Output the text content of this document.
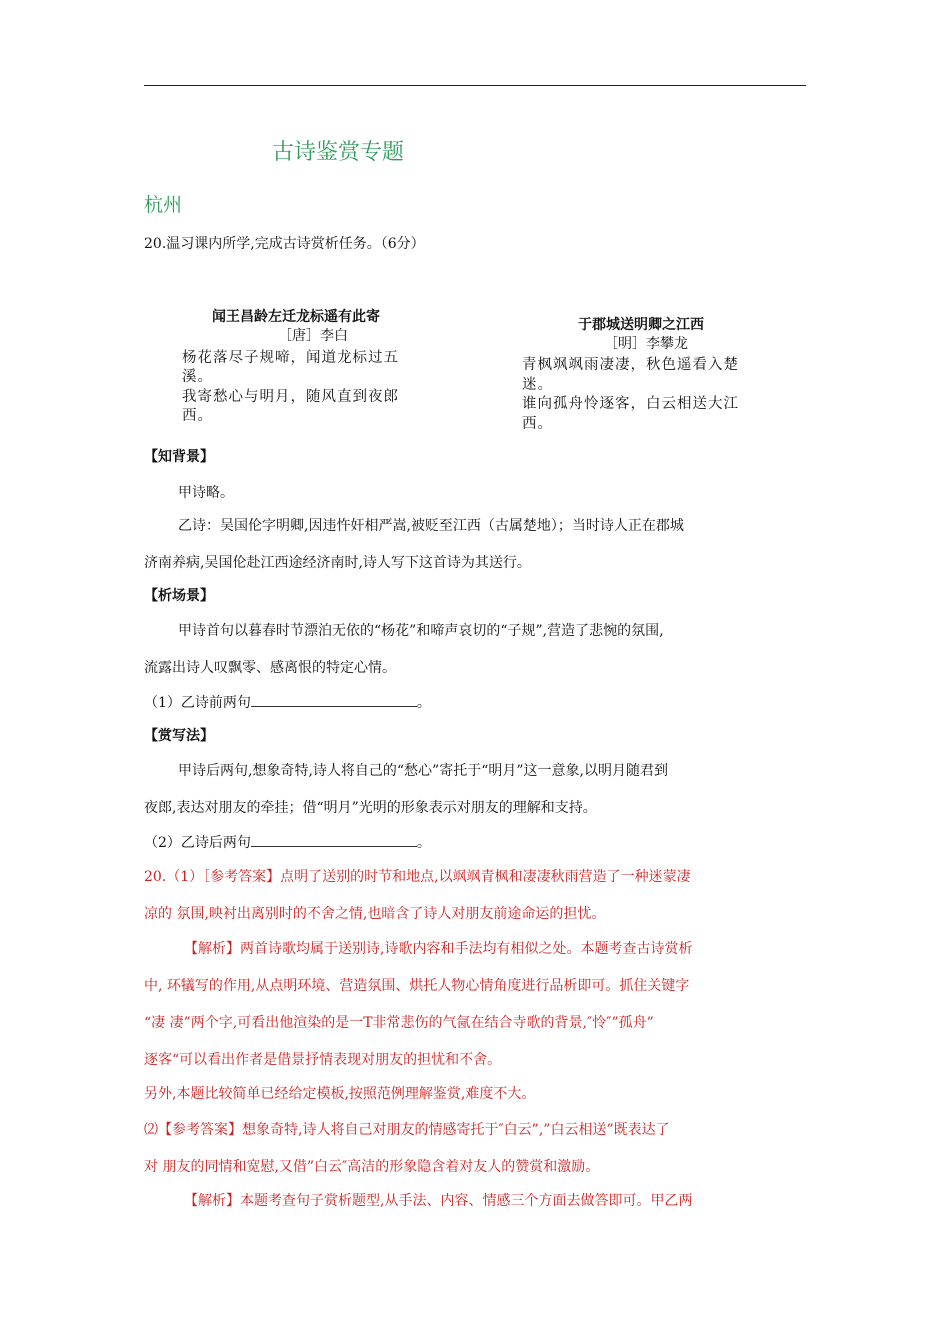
古诗鉴赏专题
杭州
20.温习课内所学,完成古诗赏析任务。（6分）
闻王昌龄左迁龙标遥有此寄
［唐］李白
杨花落尽子规啼，闻道龙标过五
溪。
我寄愁心与明月，随风直到夜郎
西。
于郡城送明卿之江西
［明］李攀龙
青枫飒飒雨凄凄，秋色遥看入楚
迷。
谁向孤舟怜逐客，白云相送大江
西。
【知背景】
甲诗略。
乙诗：吴国伦字明卿,因违忤奸相严嵩,被贬至江西（古属楚地）；当时诗人正在郡城
济南养病,吴国伦赴江西途经济南时,诗人写下这首诗为其送行。
【析场景】
甲诗首句以暮春时节漂泊无依的“杨花”和啼声哀切的“子规”,营造了悲惋的氛围,
流露出诗人叹飘零、感离恨的特定心情。
（1）乙诗前两句	。
【赏写法】
甲诗后两句,想象奇特,诗人将自己的“愁心”寄托于“明月”这一意象,以明月随君到
夜郎,表达对朋友的牵挂；借“明月”光明的形象表示对朋友的理解和支持。
（2）乙诗后两句	。
20.（1）［参考答案】点明了送别的时节和地点,以飒飒青枫和凄凄秋雨营造了一种迷蒙凄
凉的 氛围,映衬出离别时的不舍之情,也暗含了诗人对朋友前途命运的担忧。
【解析】两首诗歌均属于送别诗,诗歌内容和手法均有相似之处。本题考查古诗赏析
中, 环犠写的作用,从点明环境、营造氛围、烘托人物心情角度进行品析即可。抓住关键字
“凄 凄”两个字,可看出他渲染的是一T非常悲伤的气氤在结合寺歌的背景,″怜″”孤舟”
逐客“可以看出作者是借景抒情表现对朋友的担忧和不舍。
另外,本题比较简单已经给定模板,按照范例理解鉴赏,难度不大。
⑵【参考答案】想象奇特,诗人将自己对朋友的情感寄托于″白云”,”白云相送”既表达了
对 朋友的同情和宽慰,又借”白云″高洁的形象隐含着对友人的赞赏和激励。
【解析】本题考查句子赏析题型,从手法、内容、情感三个方面去做答即可。甲乙两
